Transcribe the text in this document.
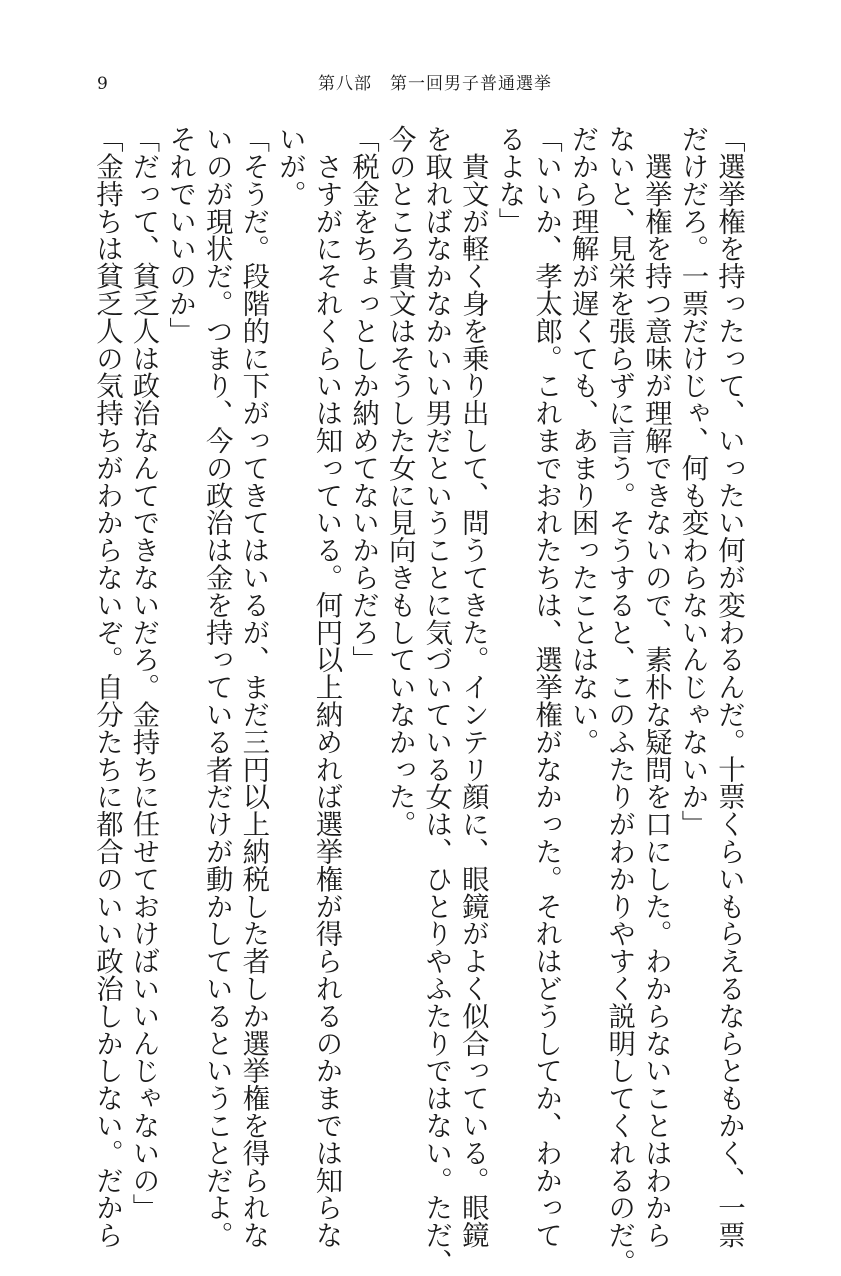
9	第八部　第一回男子普通選挙
「選挙権を持ったって、いったい何が変わるんだ。十票くらいもらえるならともかく、一票
だけだろ。一票だけじゃ、何も変わらないんじゃないか」
　選挙権を持つ意味が理解できないので、素朴な疑問を口にした。わからないことはわから
ないと、見栄を張らずに言う。そうすると、このふたりがわかりやすく説明してくれるのだ。
だから理解が遅くても、あまり困ったことはない。
「いいか、孝太郎。これまでおれたちは、選挙権がなかった。それはどうしてか、わかって
るよな」
　貴文が軽く身を乗り出して、問うてきた。インテリ顔に、眼鏡がよく似合っている。眼鏡
を取ればなかなかいい男だということに気づいている女は、ひとりやふたりではない。ただ、
今のところ貴文はそうした女に見向きもしていなかった。
「税金をちょっとしか納めてないからだろ」
　さすがにそれくらいは知っている。何円以上納めれば選挙権が得られるのかまでは知らな
いが。
「そうだ。段階的に下がってきてはいるが、まだ三円以上納税した者しか選挙権を得られな
いのが現状だ。つまり、今の政治は金を持っている者だけが動かしているということだよ。
それでいいのか」
「だって、貧乏人は政治なんてできないだろ。金持ちに任せておけばいいんじゃないの」
「金持ちは貧乏人の気持ちがわからないぞ。自分たちに都合のいい政治しかしない。だから
